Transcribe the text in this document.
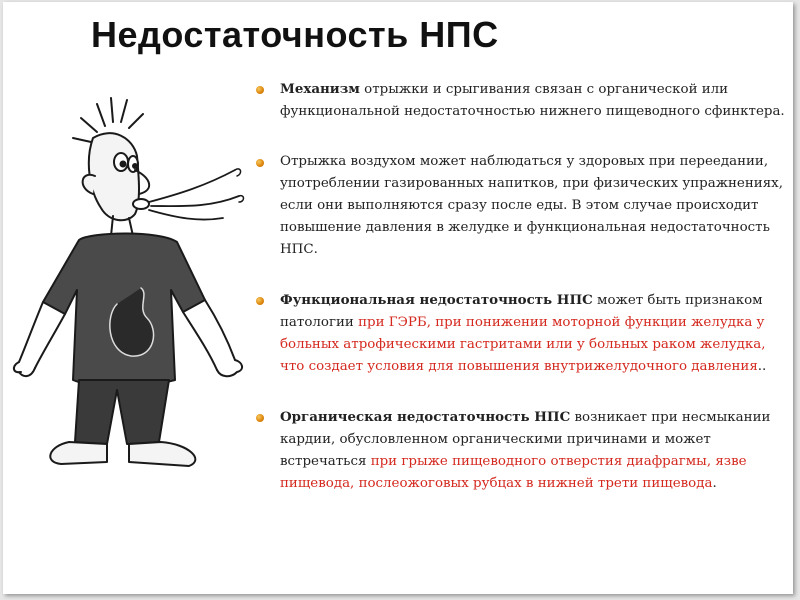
Недостаточность НПС

Механизм отрыжки и срыгивания связан с органической или функциональной недостаточностью нижнего пищеводного сфинктера.

Отрыжка воздухом может наблюдаться у здоровых при переедании, употреблении газированных напитков, при физических упражнениях, если они выполняются сразу после еды. В этом случае происходит повышение давления в желудке и функциональная недостаточность НПС.

Функциональная недостаточность НПС может быть признаком патологии при ГЭРБ, при понижении моторной функции желудка у больных атрофическими гастритами или у больных раком желудка, что создает условия для повышения внутрижелудочного давления..

Органическая недостаточность НПС возникает при несмыкании кардии, обусловленном органическими причинами и может встречаться при грыже пищеводного отверстия диафрагмы, язве пищевода, послеожоговых рубцах в нижней трети пищевода.
